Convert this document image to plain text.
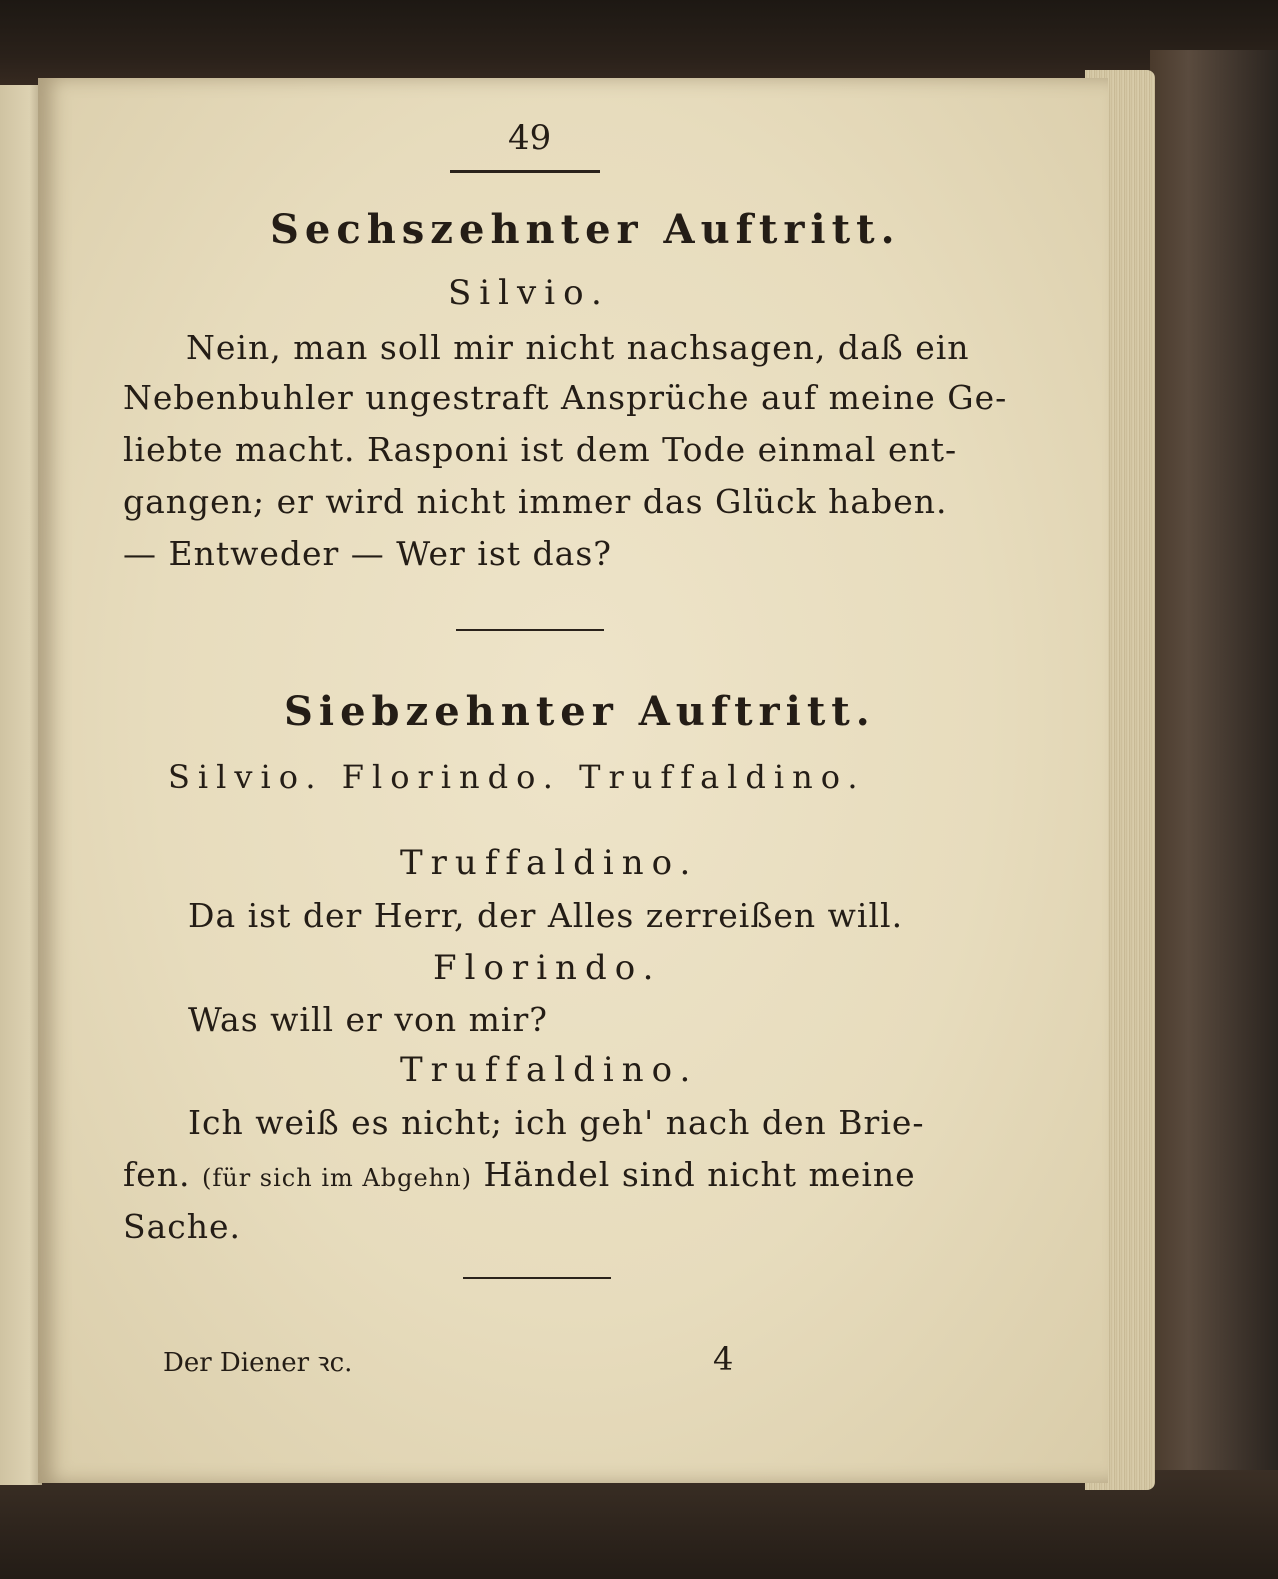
49
Sechszehnter Auftritt.
Silvio.
Nein, man soll mir nicht nachsagen, daß ein
Nebenbuhler ungestraft Ansprüche auf meine Ge-
liebte macht. Rasponi ist dem Tode einmal ent-
gangen; er wird nicht immer das Glück haben.
— Entweder — Wer ist das?
Siebzehnter Auftritt.
Silvio. Florindo. Truffaldino.
Truffaldino.
Da ist der Herr, der Alles zerreißen will.
Florindo.
Was will er von mir?
Truffaldino.
Ich weiß es nicht; ich geh' nach den Brie-
fen. (für sich im Abgehn) Händel sind nicht meine
Sache.
Der Diener ꝛc.	4
